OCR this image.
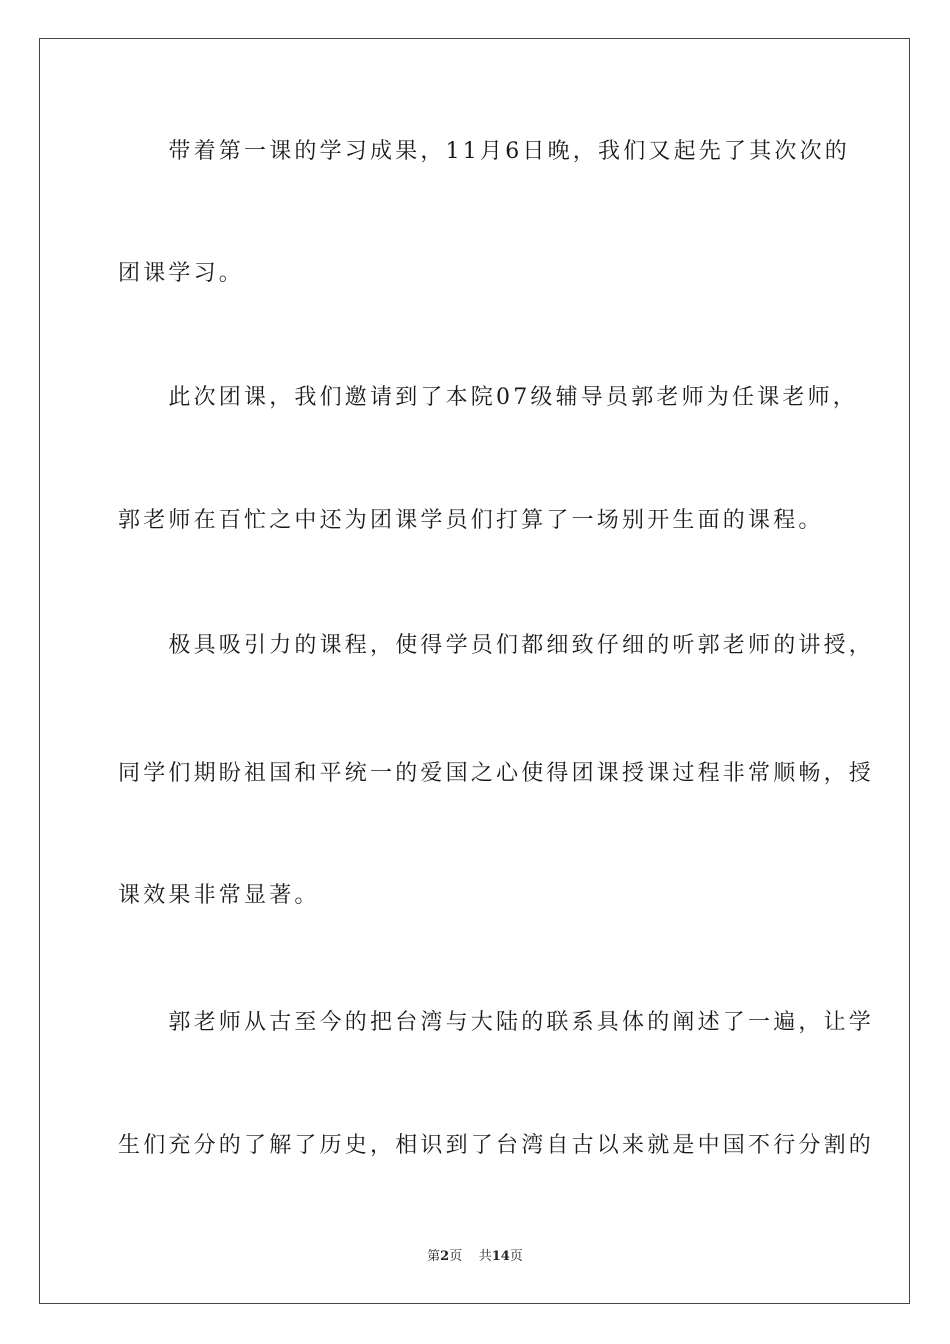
　　带着第一课的学习成果，11月6日晚，我们又起先了其次次的
团课学习。
　　此次团课，我们邀请到了本院07级辅导员郭老师为任课老师，
郭老师在百忙之中还为团课学员们打算了一场别开生面的课程。
　　极具吸引力的课程，使得学员们都细致仔细的听郭老师的讲授，
同学们期盼祖国和平统一的爱国之心使得团课授课过程非常顺畅，授
课效果非常显著。
　　郭老师从古至今的把台湾与大陆的联系具体的阐述了一遍，让学
生们充分的了解了历史，相识到了台湾自古以来就是中国不行分割的
第2页 共14页
